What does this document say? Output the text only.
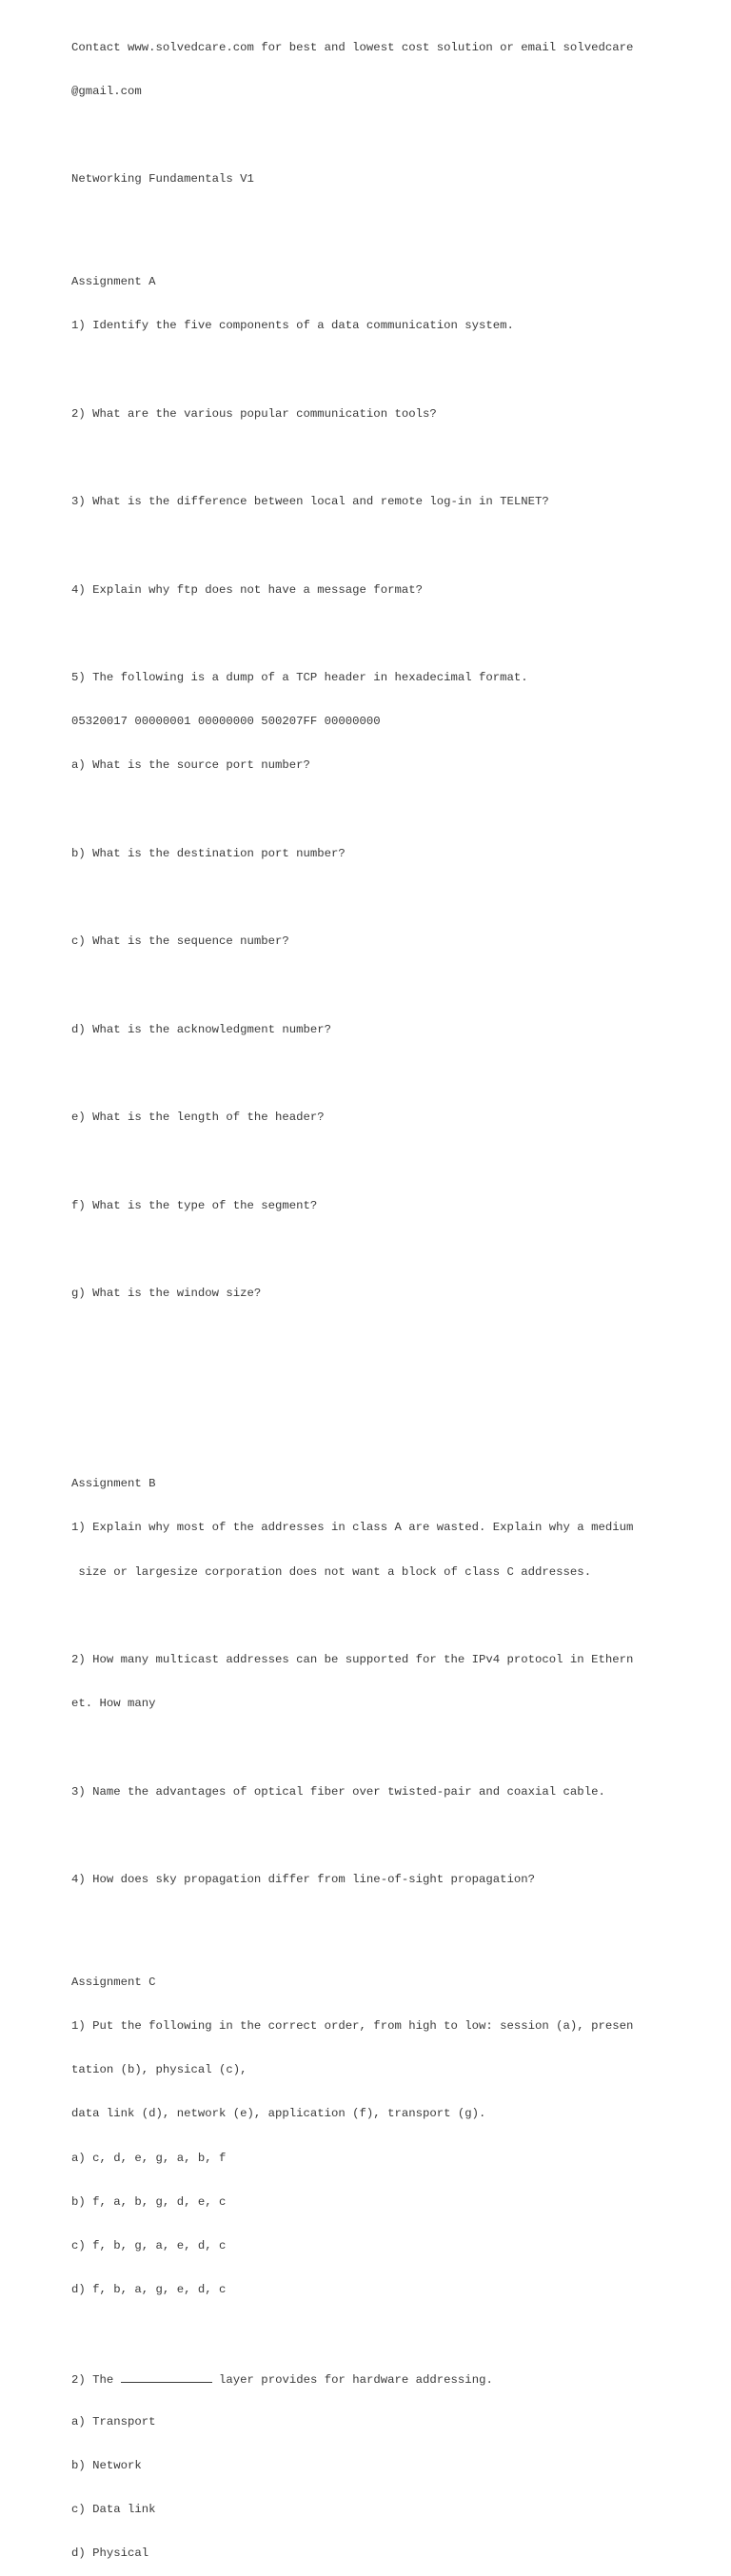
Contact www.solvedcare.com for best and lowest cost solution or email solvedcare

@gmail.com

Networking Fundamentals V1

Assignment A

1) Identify the five components of a data communication system.

2) What are the various popular communication tools?

3) What is the difference between local and remote log-in in TELNET?

4) Explain why ftp does not have a message format?

5) The following is a dump of a TCP header in hexadecimal format.

05320017 00000001 00000000 500207FF 00000000

a) What is the source port number?

b) What is the destination port number?

c) What is the sequence number?

d) What is the acknowledgment number?

e) What is the length of the header?

f) What is the type of the segment?

g) What is the window size?

Assignment B

1) Explain why most of the addresses in class A are wasted. Explain why a medium

size or largesize corporation does not want a block of class C addresses.

2) How many multicast addresses can be supported for the IPv4 protocol in Ethern

et. How many

3) Name the advantages of optical fiber over twisted-pair and coaxial cable.

4) How does sky propagation differ from line-of-sight propagation?

Assignment C

1) Put the following in the correct order, from high to low: session (a), presen

tation (b), physical (c),

data link (d), network (e), application (f), transport (g).

a) c, d, e, g, a, b, f

b) f, a, b, g, d, e, c

c) f, b, g, a, e, d, c

d) f, b, a, g, e, d, c

2) The	layer provides for hardware addressing.

a) Transport

b) Network

c) Data link

d) Physical
